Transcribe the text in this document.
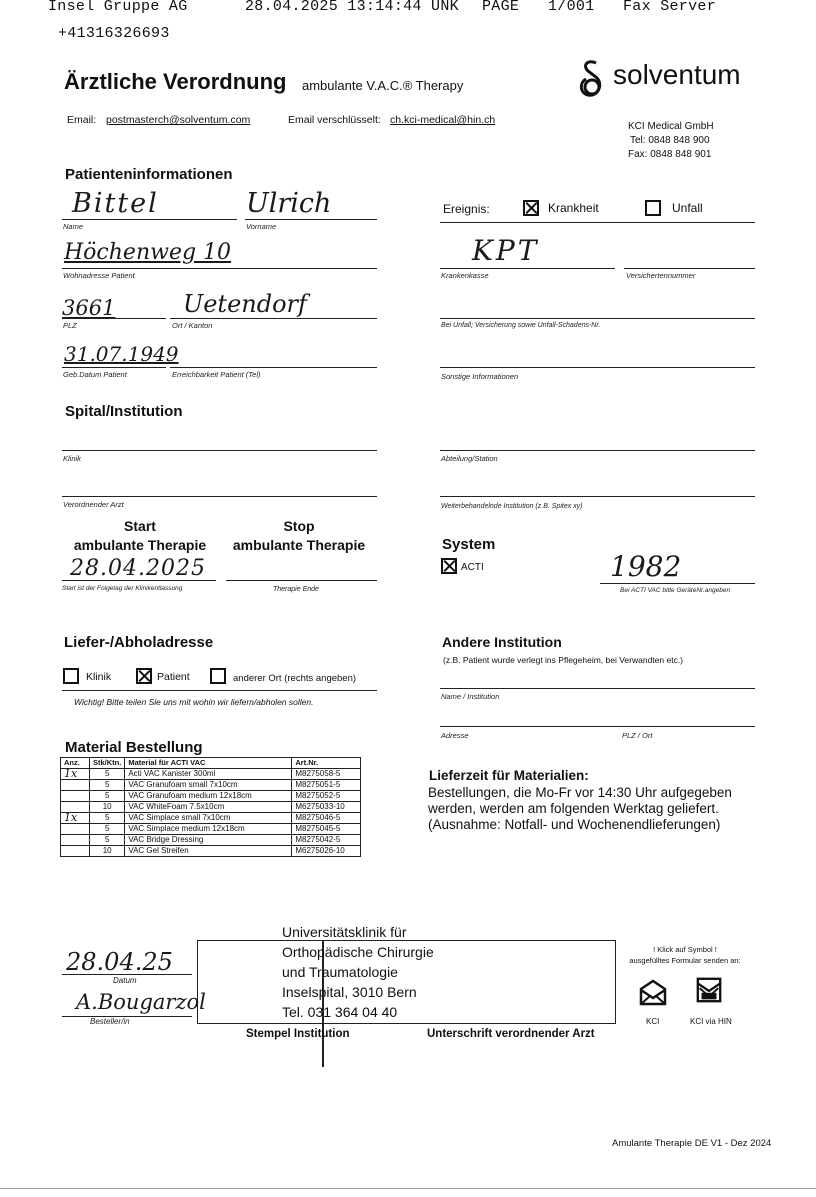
Insel Gruppe AG	28.04.2025 13:14:44 UNK PAGE 1/001 Fax Server
+41316326693
Ärztliche Verordnung ambulante V.A.C.® Therapy	solventum
Email: postmasterch@solventum.com	Email verschlüsselt: ch.kci-medical@hin.ch
KCI Medical GmbH
Tel: 0848 848 900
Fax: 0848 848 901
Patienteninformationen
Bittel
Name
Ulrich
Vorname
Höchenweg 10
Wohnadresse Patient
3661
PLZ
Uetendorf
Ort / Kanton
31.07.1949
Geb.Datum Patient	Erreichbarkeit Patient (Tel)
Ereignis:	Krankheit	Unfall
KPT
Krankenkasse	Versichertennummer
Bei Unfall; Versicherung sowie Unfall-Schadens-Nr.
Sonstige Informationen
Spital/Institution
Klinik	Abteilung/Station
Verordnender Arzt	Weiterbehandelnde Institution (z.B. Spitex xy)
Start
ambulante Therapie
Stop
ambulante Therapie
28.04.2025
Start ist der Folgetag der Klinikentlassung	Therapie Ende
System
ACTI	1982
Bei ACTI VAC bitte GeräteNr.angeben
Liefer-/Abholadresse
Klinik	Patient	anderer Ort (rechts angeben)
Wichtig! Bitte teilen Sie uns mit wohin wir liefern/abholen sollen.
Andere Institution
(z.B. Patient wurde verlegt ins Pflegeheim, bei Verwandten etc.)
Name / Institution
Adresse	PLZ / Ort
Material Bestellung
Anz.	Stk/Ktn.	Material für ACTI VAC	Art.Nr.
1x	5	Acti VAC Kanister 300ml	M8275058-5
	5	VAC Granufoam small 7x10cm	M8275051-5
	5	VAC Granufoam medium 12x18cm	M8275052-5
	10	VAC WhiteFoam 7.5x10cm	M6275033-10
1x	5	VAC Simplace small 7x10cm	M8275046-5
	5	VAC Simplace medium 12x18cm	M8275045-5
	5	VAC Bridge Dressing	M8275042-5
	10	VAC Gel Streifen	M6275026-10
Lieferzeit für Materialien:
Bestellungen, die Mo-Fr vor 14:30 Uhr aufgegeben
werden, werden am folgenden Werktag geliefert.
(Ausnahme: Notfall- und Wochenendlieferungen)
28.04.25
Datum
A.Bougarzol
Besteller/in
Universitätsklinik für
Orthopädische Chirurgie
und Traumatologie
Inselspital, 3010 Bern
Tel. 031 364 04 40
Stempel Institution	Unterschrift verordnender Arzt
! Klick auf Symbol !
ausgefülltes Formular senden an:
KCI	KCI via HIN
Amulante Therapie DE V1 - Dez 2024
